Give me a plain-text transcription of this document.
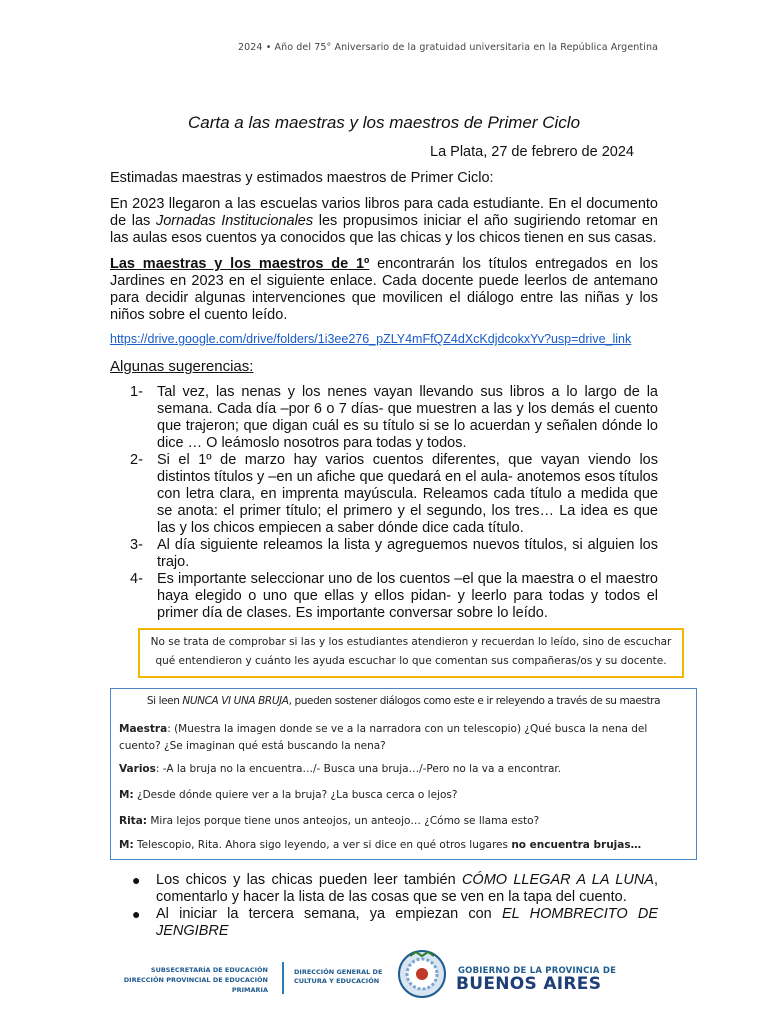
2024 • Año del 75° Aniversario de la gratuidad universitaria en la República Argentina
Carta a las maestras y los maestros de Primer Ciclo
La Plata, 27 de febrero de 2024
Estimadas maestras y estimados maestros de Primer Ciclo:
En 2023 llegaron a las escuelas varios libros para cada estudiante. En el documento de las Jornadas Institucionales les propusimos iniciar el año sugiriendo retomar en las aulas esos cuentos ya conocidos que las chicas y los chicos tienen en sus casas.
Las maestras y los maestros de 1º encontrarán los títulos entregados en los Jardines en 2023 en el siguiente enlace. Cada docente puede leerlos de antemano para decidir algunas intervenciones que movilicen el diálogo entre las niñas y los niños sobre el cuento leído.
https://drive.google.com/drive/folders/1i3ee276_pZLY4mFfQZ4dXcKdjdcokxYv?usp=drive_link
Algunas sugerencias:
1- Tal vez, las nenas y los nenes vayan llevando sus libros a lo largo de la semana. Cada día –por 6 o 7 días- que muestren a las y los demás el cuento que trajeron; que digan cuál es su título si se lo acuerdan y señalen dónde lo dice … O leámoslo nosotros para todas y todos.
2- Si el 1º de marzo hay varios cuentos diferentes, que vayan viendo los distintos títulos y –en un afiche que quedará en el aula- anotemos esos títulos con letra clara, en imprenta mayúscula. Releamos cada título a medida que se anota: el primer título; el primero y el segundo, los tres… La idea es que las y los chicos empiecen a saber dónde dice cada título.
3- Al día siguiente releamos la lista y agreguemos nuevos títulos, si alguien los trajo.
4- Es importante seleccionar uno de los cuentos –el que la maestra o el maestro haya elegido o uno que ellas y ellos pidan- y leerlo para todas y todos el primer día de clases. Es importante conversar sobre lo leído.
No se trata de comprobar si las y los estudiantes atendieron y recuerdan lo leído, sino de escuchar
qué entendieron y cuánto les ayuda escuchar lo que comentan sus compañeras/os y su docente.
Si leen NUNCA VI UNA BRUJA, pueden sostener diálogos como este e ir releyendo a través de su maestra
Maestra: (Muestra la imagen donde se ve a la narradora con un telescopio) ¿Qué busca la nena del cuento? ¿Se imaginan qué está buscando la nena?
Varios: -A la bruja no la encuentra…/- Busca una bruja…/-Pero no la va a encontrar.
M: ¿Desde dónde quiere ver a la bruja? ¿La busca cerca o lejos?
Rita: Mira lejos porque tiene unos anteojos, un anteojo… ¿Cómo se llama esto?
M: Telescopio, Rita. Ahora sigo leyendo, a ver si dice en qué otros lugares no encuentra brujas…
● Los chicos y las chicas pueden leer también CÓMO LLEGAR A LA LUNA, comentarlo y hacer la lista de las cosas que se ven en la tapa del cuento.
● Al iniciar la tercera semana, ya empiezan con EL HOMBRECITO DE JENGIBRE
SUBSECRETARÍA DE EDUCACIÓN
DIRECCIÓN PROVINCIAL DE EDUCACIÓN PRIMARIA
DIRECCIÓN GENERAL DE
CULTURA Y EDUCACIÓN
GOBIERNO DE LA PROVINCIA DE
BUENOS AIRES
